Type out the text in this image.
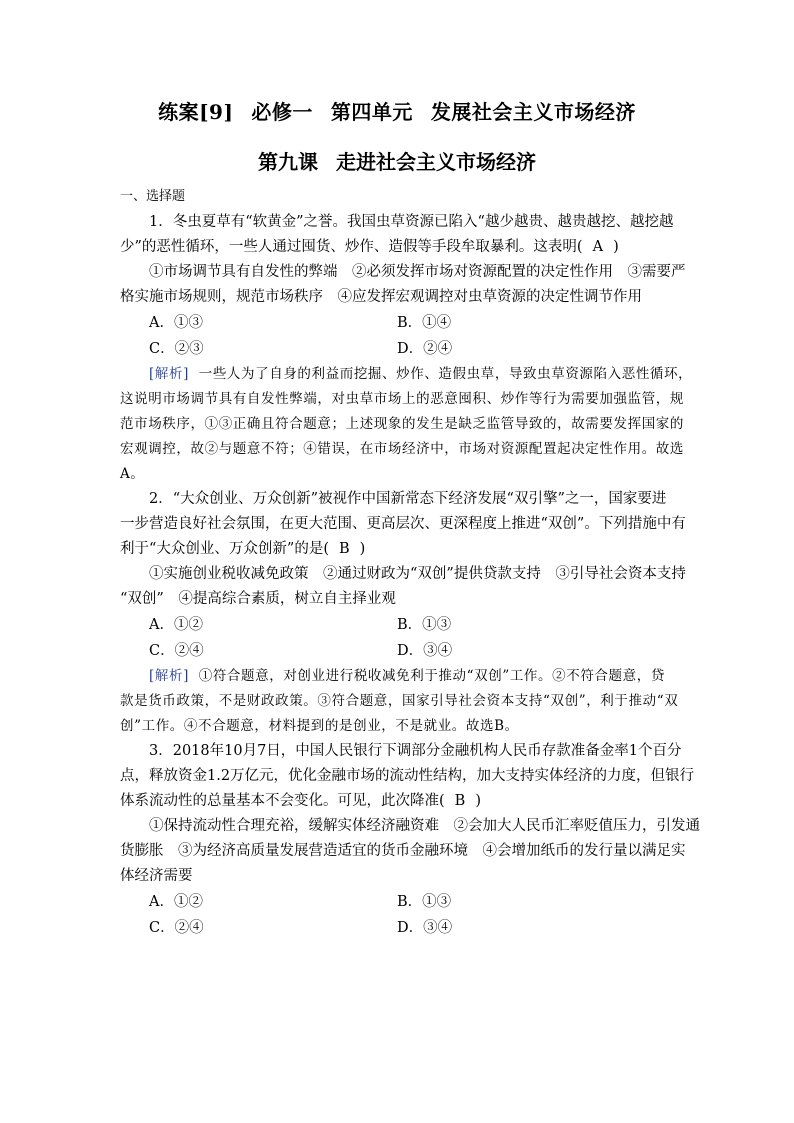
练案[9] 必修一 第四单元 发展社会主义市场经济
第九课 走进社会主义市场经济
一、选择题
1．冬虫夏草有“软黄金”之誉。我国虫草资源已陷入“越少越贵、越贵越挖、越挖越
少”的恶性循环，一些人通过囤货、炒作、造假等手段牟取暴利。这表明( A )
①市场调节具有自发性的弊端　②必须发挥市场对资源配置的决定性作用　③需要严
格实施市场规则，规范市场秩序　④应发挥宏观调控对虫草资源的决定性调节作用
A．①③	B．①④
C．②③	D．②④
[解析] 一些人为了自身的利益而挖掘、炒作、造假虫草，导致虫草资源陷入恶性循环，
这说明市场调节具有自发性弊端，对虫草市场上的恶意囤积、炒作等行为需要加强监管，规
范市场秩序，①③正确且符合题意；上述现象的发生是缺乏监管导致的，故需要发挥国家的
宏观调控，故②与题意不符；④错误，在市场经济中，市场对资源配置起决定性作用。故选
A。
2．“大众创业、万众创新”被视作中国新常态下经济发展“双引擎”之一，国家要进
一步营造良好社会氛围，在更大范围、更高层次、更深程度上推进“双创”。下列措施中有
利于“大众创业、万众创新”的是( B )
①实施创业税收减免政策　②通过财政为“双创”提供贷款支持　③引导社会资本支持
“双创”　④提高综合素质，树立自主择业观
A．①②	B．①③
C．②④	D．③④
[解析] ①符合题意，对创业进行税收减免利于推动“双创”工作。②不符合题意，贷
款是货币政策，不是财政政策。③符合题意，国家引导社会资本支持“双创”，利于推动“双
创”工作。④不合题意，材料提到的是创业，不是就业。故选B。
3．2018年10月7日，中国人民银行下调部分金融机构人民币存款准备金率1个百分
点，释放资金1.2万亿元，优化金融市场的流动性结构，加大支持实体经济的力度，但银行
体系流动性的总量基本不会变化。可见，此次降准( B )
①保持流动性合理充裕，缓解实体经济融资难　②会加大人民币汇率贬值压力，引发通
货膨胀　③为经济高质量发展营造适宜的货币金融环境　④会增加纸币的发行量以满足实
体经济需要
A．①②	B．①③
C．②④	D．③④
